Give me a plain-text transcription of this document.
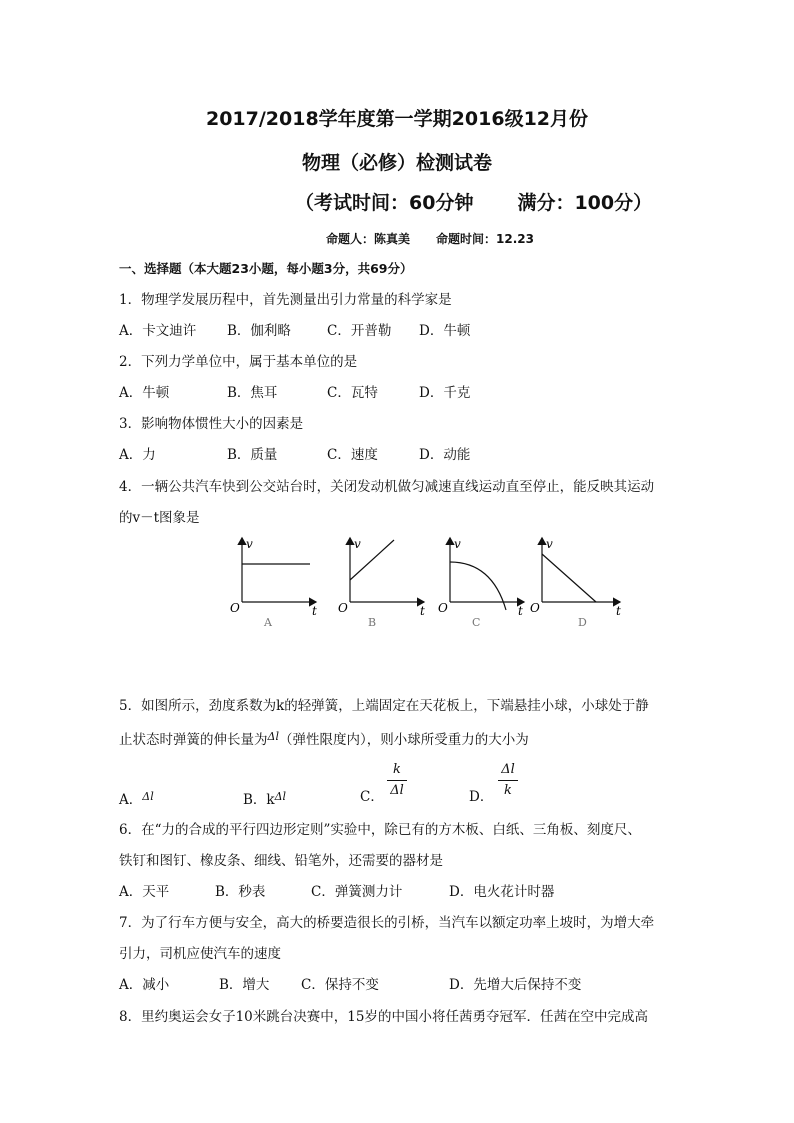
2017/2018学年度第一学期2016级12月份
物理（必修）检测试卷
（考试时间：60分钟 满分：100分）
命题人：陈真美 命题时间：12.23
一、选择题（本大题23小题，每小题3分，共69分）
1．物理学发展历程中，首先测量出引力常量的科学家是
A．卡文迪许 B．伽利略	C．开普勒 D．牛顿
2．下列力学单位中，属于基本单位的是
A．牛顿	B．焦耳	C．瓦特	D．千克
3．影响物体惯性大小的因素是
A．力	B．质量	C．速度	D．动能
4．一辆公共汽车快到公交站台时，关闭发动机做匀减速直线运动直至停止，能反映其运动
的v－t图象是
v
t
O
A
v
t
O
B
v
t
O
C
v
t
O
D
5．如图所示，劲度系数为k的轻弹簧，上端固定在天花板上，下端悬挂小球，小球处于静
止状态时弹簧的伸长量为$^{\Delta l}$（弹性限度内），则小球所受重力的大小为
A．$^{\Delta l}$	B．$k^{\Delta l}$	C．
k
Δl	D．
Δl
k
6．在“力的合成的平行四边形定则”实验中，除已有的方木板、白纸、三角板、刻度尺、
铁钉和图钉、橡皮条、细线、铅笔外，还需要的器材是
A．天平	B．秒表	C．弹簧测力计	D．电火花计时器
7．为了行车方便与安全，高大的桥要造很长的引桥，当汽车以额定功率上坡时，为增大牵
引力，司机应使汽车的速度
A．减小	B．增大 C．保持不变	D．先增大后保持不变
8．里约奥运会女子10米跳台决赛中，15岁的中国小将任茜勇夺冠军．任茜在空中完成高
